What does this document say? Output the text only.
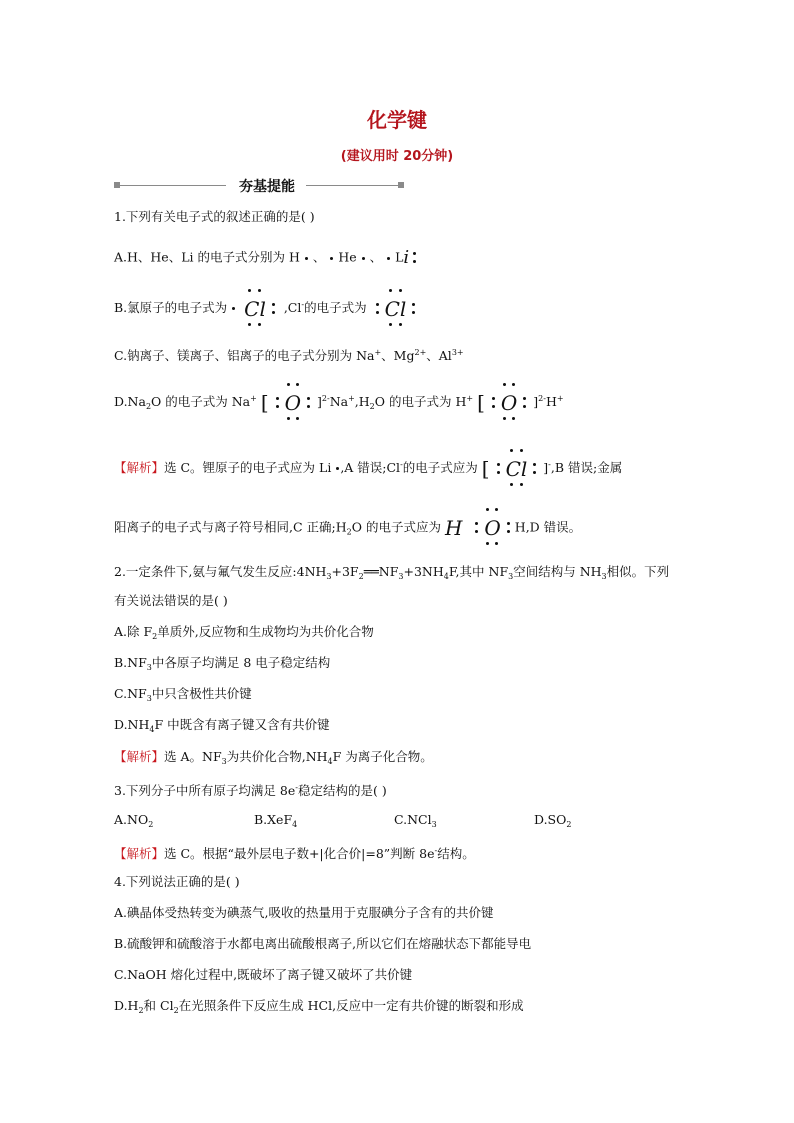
化学键
(建议用时 20分钟)
夯基提能
1.下列有关电子式的叙述正确的是( )
A.H、He、Li 的电子式分别为 H 、 He 、 Li
B.氯原子的电子式为 Cl ,Cl-的电子式为 Cl
C.钠离子、镁离子、铝离子的电子式分别为 Na+、$Mg^{2+}$、$Al^{3+}$
$D.Na_2O$ 的电子式为 Na+ [ O ]$^{2-}Na^+,H_2O$ 的电子式为 H+ [ O ]$^{2-}$H+
【解析】选 C。锂原子的电子式应为 Li ,A 错误;Cl-的电子式应为 [ Cl ]-,B 错误;金属
阳离子的电子式与离子符号相同,C 正确$;H_2O$ 的电子式应为 H O H,D 错误。
2.一定条件下,氨与氟气发生反应$:4NH_3+3F_2══NF_3+3NH_4F$,其中 $NF_3$空间结构与 $NH_3$相似。下列
有关说法错误的是( )
A.除 $F_2$单质外,反应物和生成物均为共价化合物
$B.NF_3$中各原子均满足 8 电子稳定结构
$C.NF_3$中只含极性共价键
$D.NH_4F$ 中既含有离子键又含有共价键
【解析】选 A。$NF_3$为共价化合物$,NH_4F$ 为离子化合物。
3.下列分子中所有原子均满足 8e-稳定结构的是( )
$A.NO_2$	B.XeF$_4$	C.NCl$_3$	$D.SO_2$
【解析】选 C。根据“最外层电子数+|化合价|=8”判断 8e-结构。
4.下列说法正确的是( )
A.碘晶体受热转变为碘蒸气,吸收的热量用于克服碘分子含有的共价键
B.硫酸钾和硫酸溶于水都电离出硫酸根离子,所以它们在熔融状态下都能导电
C.NaOH 熔化过程中,既破坏了离子键又破坏了共价键
$D.H_2$和 $Cl_2$在光照条件下反应生成 HCl,反应中一定有共价键的断裂和形成
